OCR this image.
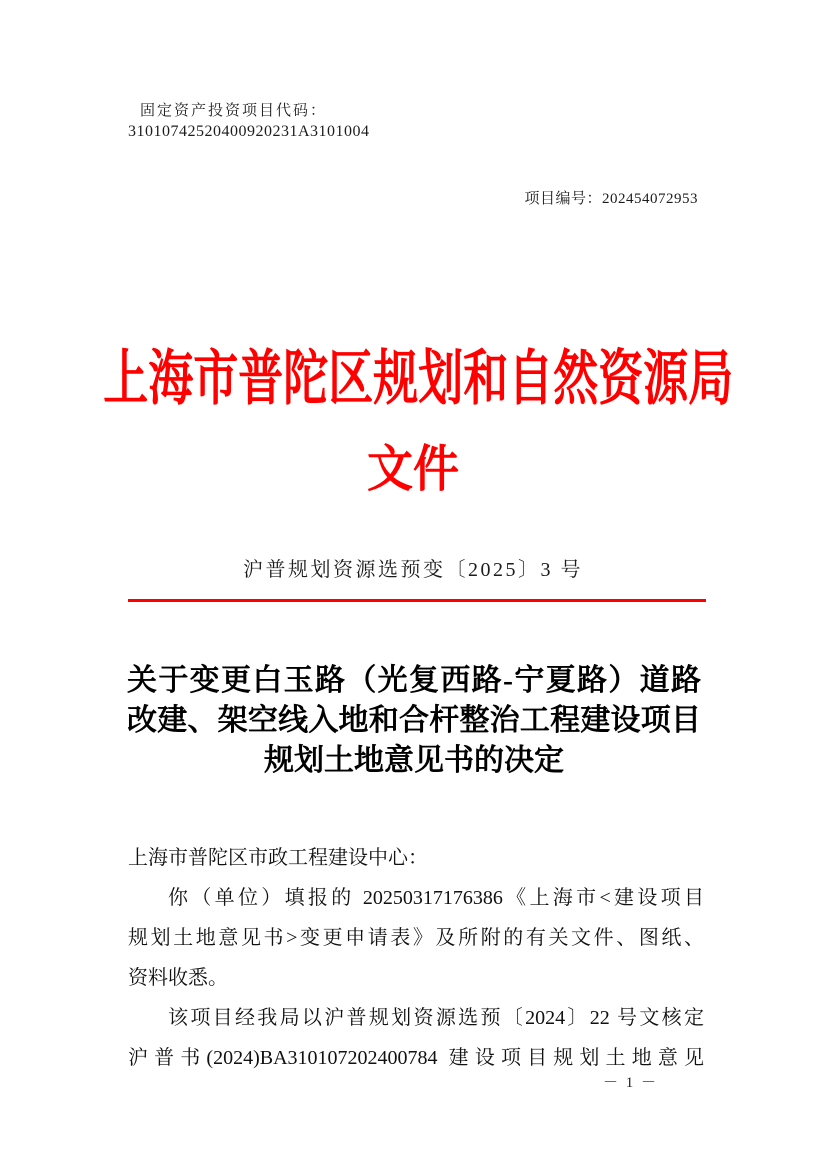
固定资产投资项目代码：
31010742520400920231A3101004
项目编号：202454072953
上海市普陀区规划和自然资源局
文件
沪普规划资源选预变〔2025〕3 号
关于变更白玉路（光复西路-宁夏路）道路
改建、架空线入地和合杆整治工程建设项目
规划土地意见书的决定
上海市普陀区市政工程建设中心：
你（单位）填报的 20250317176386《上海市<建设项目
规划土地意见书>变更申请表》及所附的有关文件、图纸、
资料收悉。
该项目经我局以沪普规划资源选预〔2024〕22 号文核定
沪普书(2024)BA310107202400784 建设项目规划土地意见
－ 1 －
